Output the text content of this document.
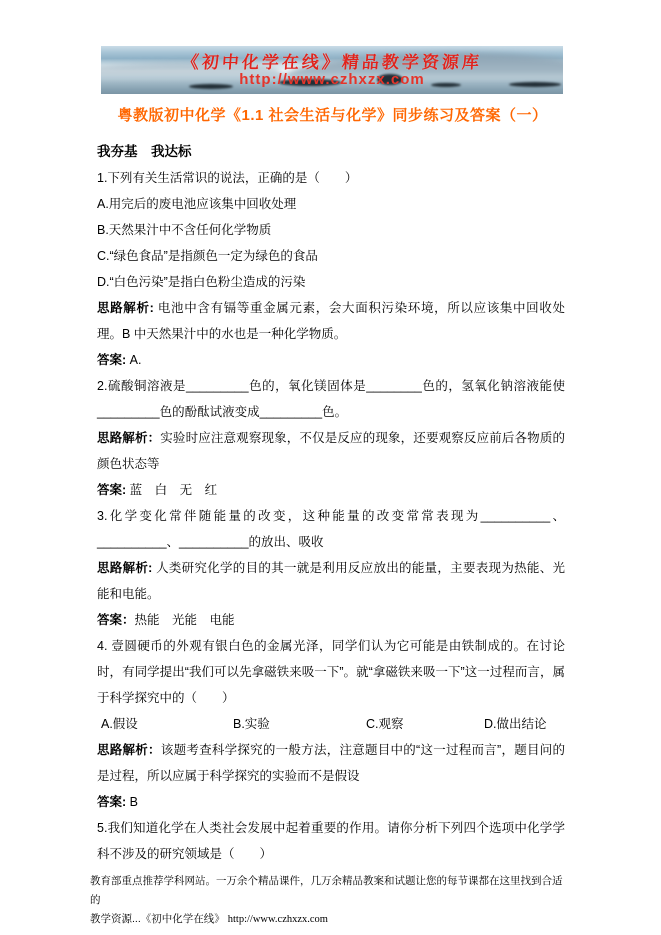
《初中化学在线》精品教学资源库
http://www.czhxzx.com
粤教版初中化学《1.1 社会生活与化学》同步练习及答案（一）

我夯基　我达标

1.下列有关生活常识的说法，正确的是（　　）

A.用完后的废电池应该集中回收处理

B.天然果汁中不含任何化学物质

C.“绿色食品”是指颜色一定为绿色的食品

D.“白色污染”是指白色粉尘造成的污染

思路解析: 电池中含有镉等重金属元素，会大面积污染环境，所以应该集中回收处理。B 中天然果汁中的水也是一种化学物质。

答案: A.

2.硫酸铜溶液是_________色的，氧化镁固体是________色的，氢氧化钠溶液能使_________色的酚酞试液变成_________色。

思路解析：实验时应注意观察现象，不仅是反应的现象，还要观察反应前后各物质的颜色状态等

答案: 蓝　白　无　红

3.化学变化常伴随能量的改变，这种能量的改变常常表现为__________、__________、__________的放出、吸收

思路解析: 人类研究化学的目的其一就是利用反应放出的能量，主要表现为热能、光能和电能。

答案：热能　光能　电能

4. 壹圆硬币的外观有银白色的金属光泽，同学们认为它可能是由铁制成的。在讨论时，有同学提出“我们可以先拿磁铁来吸一下”。就“拿磁铁来吸一下”这一过程而言，属于科学探究中的（　　）

A.假设	B.实验	C.观察	D.做出结论

思路解析：该题考查科学探究的一般方法，注意题目中的“这一过程而言”，题目问的是过程，所以应属于科学探究的实验而不是假设

答案: B

5.我们知道化学在人类社会发展中起着重要的作用。请你分析下列四个选项中化学学科不涉及的研究领域是（　　）

教育部重点推荐学科网站。一万余个精品课件，几万余精品教案和试题让您的每节课都在这里找到合适的

教学资源...《初中化学在线》 http://www.czhxzx.com
